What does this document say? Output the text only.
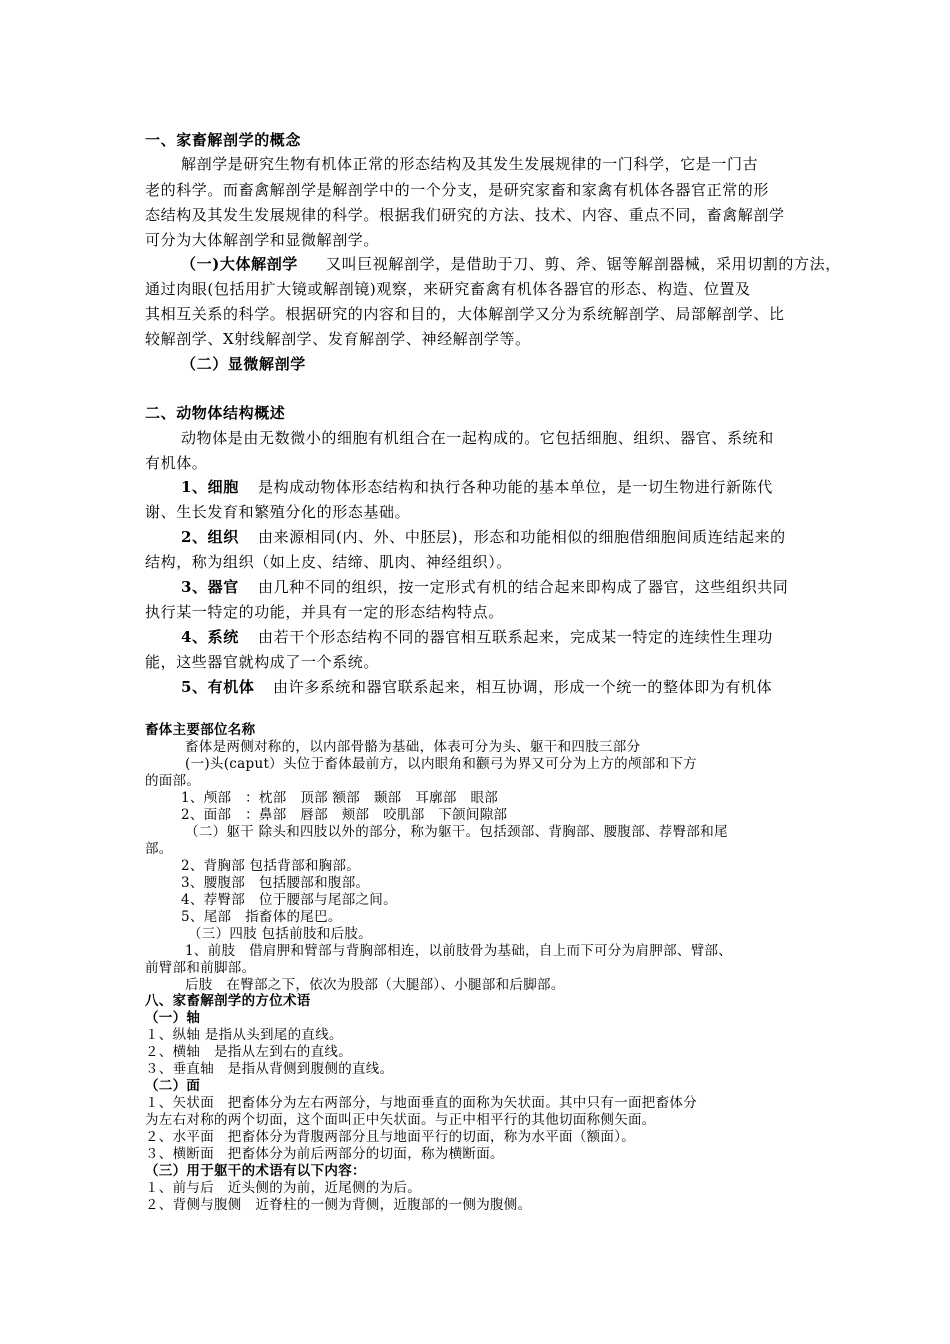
一、家畜解剖学的概念
解剖学是研究生物有机体正常的形态结构及其发生发展规律的一门科学，它是一门古
老的科学。而畜禽解剖学是解剖学中的一个分支，是研究家畜和家禽有机体各器官正常的形
态结构及其发生发展规律的科学。根据我们研究的方法、技术、内容、重点不同，畜禽解剖学
可分为大体解剖学和显微解剖学。
（一)大体解剖学 又叫巨视解剖学，是借助于刀、剪、斧、锯等解剖器械，采用切割的方法，
通过肉眼(包括用扩大镜或解剖镜)观察，来研究畜禽有机体各器官的形态、构造、位置及
其相互关系的科学。根据研究的内容和目的，大体解剖学又分为系统解剖学、局部解剖学、比
较解剖学、X射线解剖学、发育解剖学、神经解剖学等。
（二）显微解剖学
二、动物体结构概述
动物体是由无数微小的细胞有机组合在一起构成的。它包括细胞、组织、器官、系统和
有机体。
1、细胞 是构成动物体形态结构和执行各种功能的基本单位，是一切生物进行新陈代
谢、生长发育和繁殖分化的形态基础。
2、组织 由来源相同(内、外、中胚层)，形态和功能相似的细胞借细胞间质连结起来的
结构，称为组织（如上皮、结缔、肌肉、神经组织）。
3、器官 由几种不同的组织，按一定形式有机的结合起来即构成了器官，这些组织共同
执行某一特定的功能，并具有一定的形态结构特点。
4、系统 由若干个形态结构不同的器官相互联系起来，完成某一特定的连续性生理功
能，这些器官就构成了一个系统。
5、有机体 由许多系统和器官联系起来，相互协调，形成一个统一的整体即为有机体
畜体主要部位名称
畜体是两侧对称的，以内部骨骼为基础，体表可分为头、躯干和四肢三部分
(一)头(caput）头位于畜体最前方，以内眼角和颧弓为界又可分为上方的颅部和下方
的面部。
1、颅部　：枕部　顶部 额部　颞部　耳廓部　眼部
2、面部　：鼻部　唇部　颊部　咬肌部　下颌间隙部
（二）躯干 除头和四肢以外的部分，称为躯干。包括颈部、背胸部、腰腹部、荐臀部和尾
部。
2、背胸部 包括背部和胸部。
3、腰腹部　包括腰部和腹部。
4、荐臀部　位于腰部与尾部之间。
5、尾部　指畜体的尾巴。
（三）四肢 包括前肢和后肢。
1、前肢　借肩胛和臂部与背胸部相连，以前肢骨为基础，自上而下可分为肩胛部、臂部、
前臂部和前脚部。
后肢　在臀部之下，依次为股部（大腿部）、小腿部和后脚部。
八、家畜解剖学的方位术语
（一）轴
１、纵轴 是指从头到尾的直线。
２、横轴　是指从左到右的直线。
３、垂直轴　是指从背侧到腹侧的直线。
（二）面
１、矢状面　把畜体分为左右两部分，与地面垂直的面称为矢状面。其中只有一面把畜体分
为左右对称的两个切面，这个面叫正中矢状面。与正中相平行的其他切面称侧矢面。
２、水平面　把畜体分为背腹两部分且与地面平行的切面，称为水平面（额面）。
３、横断面　把畜体分为前后两部分的切面，称为横断面。
（三）用于躯干的术语有以下内容：
１、前与后　近头侧的为前，近尾侧的为后。
２、背侧与腹侧　近脊柱的一侧为背侧，近腹部的一侧为腹侧。
